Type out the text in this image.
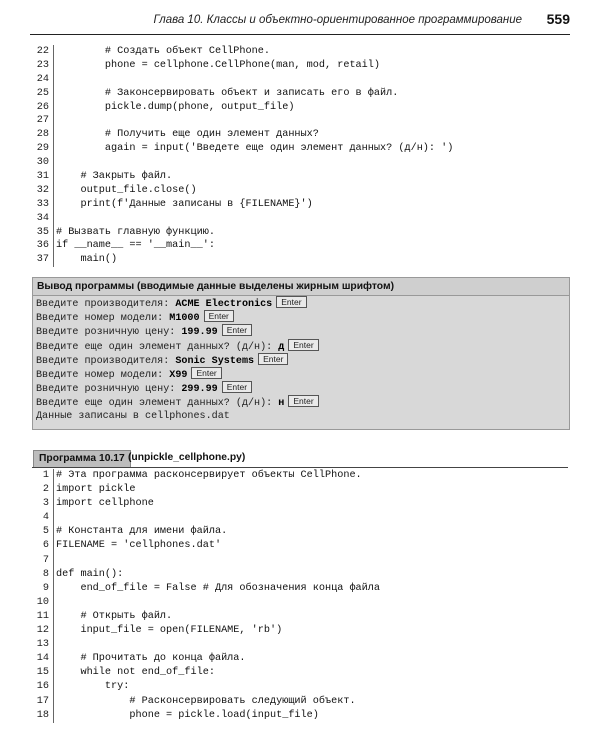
Глава 10. Классы и объектно-ориентированное программирование 559
22 # Создать объект CellPhone.
23 phone = cellphone.CellPhone(man, mod, retail)
24
25 # Законсервировать объект и записать его в файл.
26 pickle.dump(phone, output_file)
27
28 # Получить еще один элемент данных?
29 again = input('Введете еще один элемент данных? (д/н): ')
30
31 # Закрыть файл.
32 output_file.close()
33 print(f'Данные записаны в {FILENAME}')
34
35 # Вызвать главную функцию.
36 if __name__ == '__main__':
37 main()
Вывод программы (вводимые данные выделены жирным шрифтом)
Введите производителя: ACME Electronics Enter
Введите номер модели: M1000 Enter
Введите розничную цену: 199.99 Enter
Введите еще один элемент данных? (д/н): д Enter
Введите производителя: Sonic Systems Enter
Введите номер модели: X99 Enter
Введите розничную цену: 299.99 Enter
Введите еще один элемент данных? (д/н): н Enter
Данные записаны в cellphones.dat
Программа 10.17 (unpickle_cellphone.py)
1 # Эта программа расконсервирует объекты CellPhone.
2 import pickle
3 import cellphone
4
5 # Константа для имени файла.
6 FILENAME = 'cellphones.dat'
7
8 def main():
9 end_of_file = False # Для обозначения конца файла
10
11 # Открыть файл.
12 input_file = open(FILENAME, 'rb')
13
14 # Прочитать до конца файла.
15 while not end_of_file:
16 try:
17 # Расконсервировать следующий объект.
18 phone = pickle.load(input_file)
